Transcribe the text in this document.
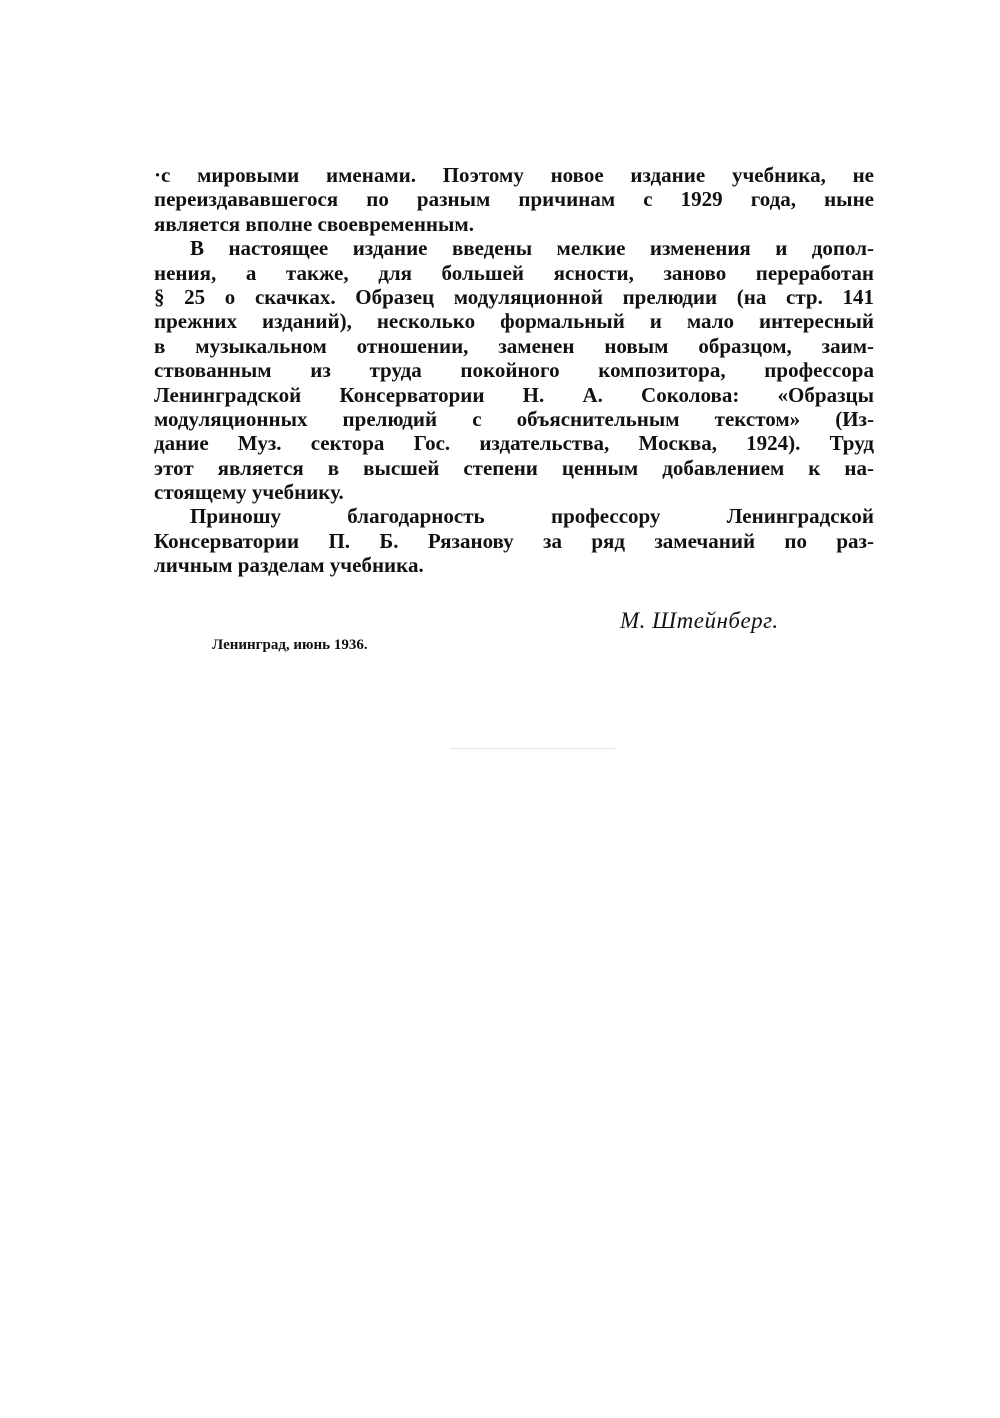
·с мировыми именами. Поэтому новое издание учебника, не
переиздававшегося по разным причинам с 1929 года, ныне
является вполне своевременным.
В настоящее издание введены мелкие изменения и допол-
нения, а также, для большей ясности, заново переработан
§ 25 о скачках. Образец модуляционной прелюдии (на стр. 141
прежних изданий), несколько формальный и мало интересный
в музыкальном отношении, заменен новым образцом, заим-
ствованным из труда покойного композитора, профессора
Ленинградской Консерватории Н. А. Соколова: «Образцы
модуляционных прелюдий с объяснительным текстом» (Из-
дание Муз. сектора Гос. издательства, Москва, 1924). Труд
этот является в высшей степени ценным добавлением к на-
стоящему учебнику.
Приношу благодарность профессору Ленинградской
Консерватории П. Б. Рязанову за ряд замечаний по раз-
личным разделам учебника.
М. Штейнберг.
Ленинград, июнь 1936.
